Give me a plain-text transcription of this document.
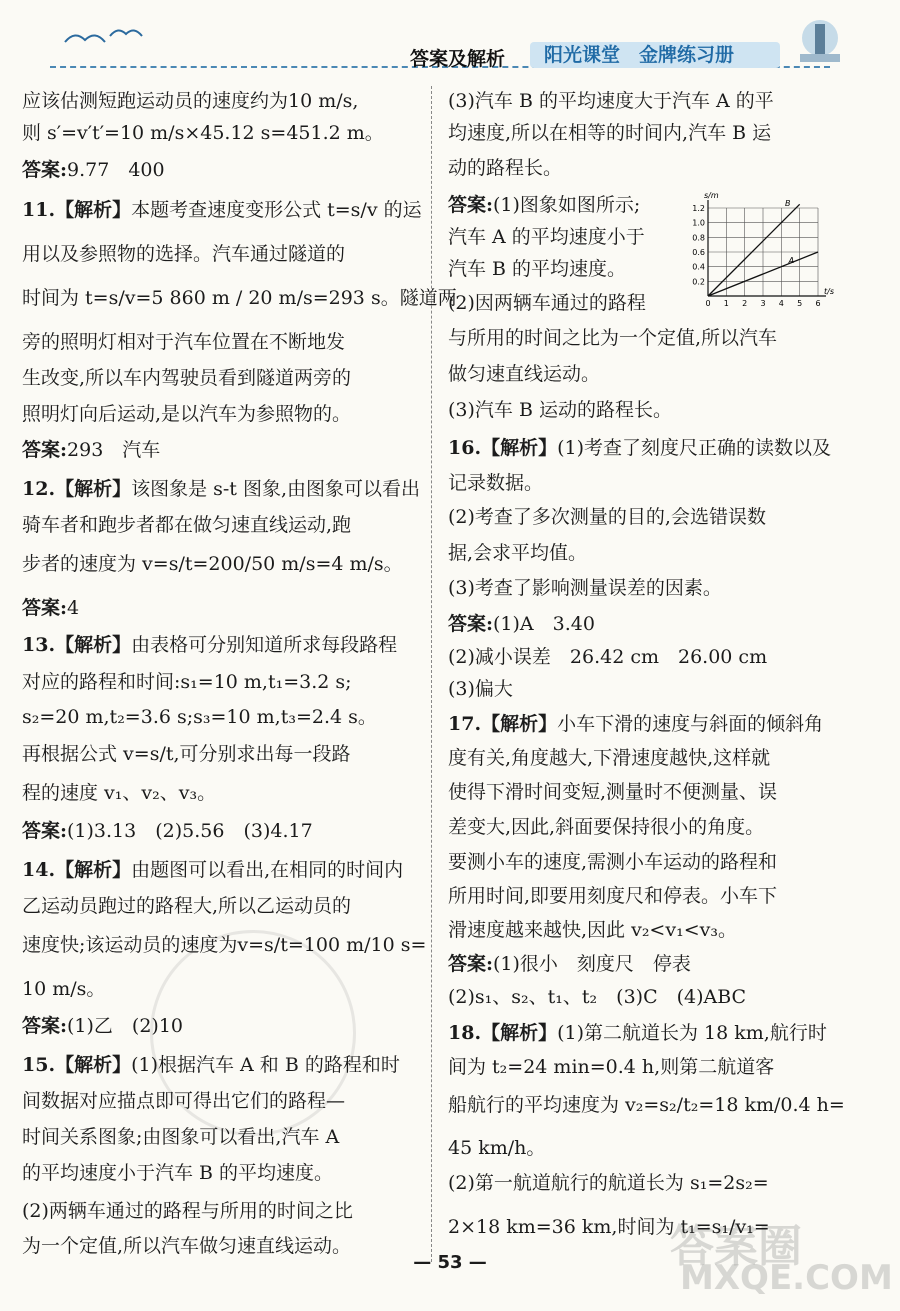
答案及解析	阳光课堂　金牌练习册
1.2
1.0
0.8
0.6
0.4
0.2
0 1 2 3 4 5 6
s/m
t/s
B
A
— 53 —	答案圈
MXQE.COM
应该估测短跑运动员的速度约为10 m/s,
则 s′=v′t′=10 m/s×45.12 s=451.2 m。
答案:9.77　400
11.【解析】本题考查速度变形公式 t=s/v 的运
用以及参照物的选择。汽车通过隧道的
时间为 t=s/v=5 860 m / 20 m/s=293 s。隧道两
旁的照明灯相对于汽车位置在不断地发
生改变,所以车内驾驶员看到隧道两旁的
照明灯向后运动,是以汽车为参照物的。
答案:293　汽车
12.【解析】该图象是 s-t 图象,由图象可以看出
骑车者和跑步者都在做匀速直线运动,跑
步者的速度为 v=s/t=200/50 m/s=4 m/s。
答案:4
13.【解析】由表格可分别知道所求每段路程
对应的路程和时间:s₁=10 m,t₁=3.2 s;
s₂=20 m,t₂=3.6 s;s₃=10 m,t₃=2.4 s。
再根据公式 v=s/t,可分别求出每一段路
程的速度 v₁、v₂、v₃。
答案:(1)3.13　(2)5.56　(3)4.17
14.【解析】由题图可以看出,在相同的时间内
乙运动员跑过的路程大,所以乙运动员的
速度快;该运动员的速度为v=s/t=100 m/10 s=
10 m/s。
答案:(1)乙　(2)10
15.【解析】(1)根据汽车 A 和 B 的路程和时
间数据对应描点即可得出它们的路程—
时间关系图象;由图象可以看出,汽车 A
的平均速度小于汽车 B 的平均速度。
(2)两辆车通过的路程与所用的时间之比
为一个定值,所以汽车做匀速直线运动。
(3)汽车 B 的平均速度大于汽车 A 的平
均速度,所以在相等的时间内,汽车 B 运
动的路程长。
答案:(1)图象如图所示;
汽车 A 的平均速度小于
汽车 B 的平均速度。
(2)因两辆车通过的路程
与所用的时间之比为一个定值,所以汽车
做匀速直线运动。
(3)汽车 B 运动的路程长。
16.【解析】(1)考查了刻度尺正确的读数以及
记录数据。
(2)考查了多次测量的目的,会选错误数
据,会求平均值。
(3)考查了影响测量误差的因素。
答案:(1)A　3.40
(2)减小误差　26.42 cm　26.00 cm
(3)偏大
17.【解析】小车下滑的速度与斜面的倾斜角
度有关,角度越大,下滑速度越快,这样就
使得下滑时间变短,测量时不便测量、误
差变大,因此,斜面要保持很小的角度。
要测小车的速度,需测小车运动的路程和
所用时间,即要用刻度尺和停表。小车下
滑速度越来越快,因此 v₂<v₁<v₃。
答案:(1)很小　刻度尺　停表
(2)s₁、s₂、t₁、t₂　(3)C　(4)ABC
18.【解析】(1)第二航道长为 18 km,航行时
间为 t₂=24 min=0.4 h,则第二航道客
船航行的平均速度为 v₂=s₂/t₂=18 km/0.4 h=
45 km/h。
(2)第一航道航行的航道长为 s₁=2s₂=
2×18 km=36 km,时间为 t₁=s₁/v₁=
